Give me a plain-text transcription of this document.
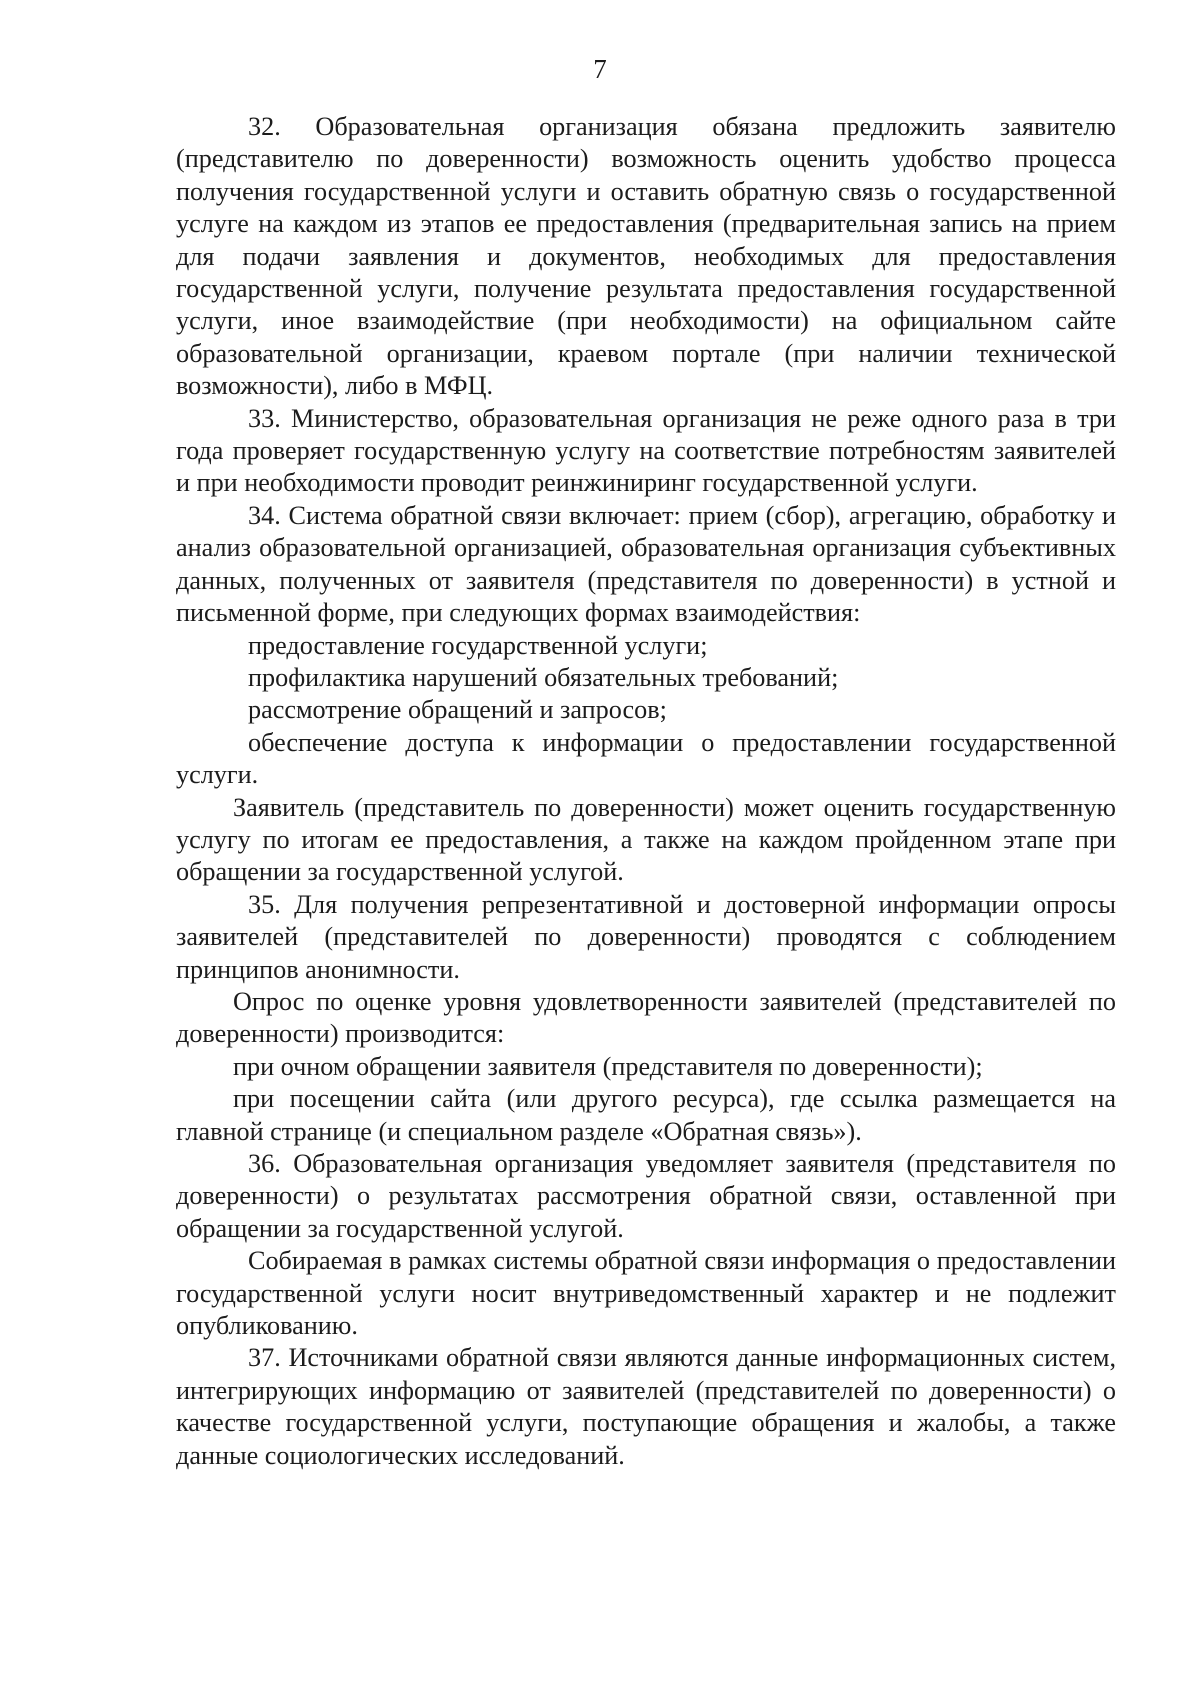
7

32. Образовательная организация обязана предложить заявителю (представителю по доверенности) возможность оценить удобство процесса получения государственной услуги и оставить обратную связь о государственной услуге на каждом из этапов ее предоставления (предварительная запись на прием для подачи заявления и документов, необходимых для предоставления государственной услуги, получение результата предоставления государственной услуги, иное взаимодействие (при необходимости) на официальном сайте образовательной организации, краевом портале (при наличии технической возможности), либо в МФЦ.

33. Министерство, образовательная организация не реже одного раза в три года проверяет государственную услугу на соответствие потребностям заявителей и при необходимости проводит реинжиниринг государственной услуги.

34. Система обратной связи включает: прием (сбор), агрегацию, обработку и анализ образовательной организацией, образовательная организация субъективных данных, полученных от заявителя (представителя по доверенности) в устной и письменной форме, при следующих формах взаимодействия:

предоставление государственной услуги;

профилактика нарушений обязательных требований;

рассмотрение обращений и запросов;

обеспечение доступа к информации о предоставлении государственной услуги.

Заявитель (представитель по доверенности) может оценить государственную услугу по итогам ее предоставления, а также на каждом пройденном этапе при обращении за государственной услугой.

35. Для получения репрезентативной и достоверной информации опросы заявителей (представителей по доверенности) проводятся с соблюдением принципов анонимности.

Опрос по оценке уровня удовлетворенности заявителей (представителей по доверенности) производится:

при очном обращении заявителя (представителя по доверенности);

при посещении сайта (или другого ресурса), где ссылка размещается на главной странице (и специальном разделе «Обратная связь»).

36. Образовательная организация уведомляет заявителя (представителя по доверенности) о результатах рассмотрения обратной связи, оставленной при обращении за государственной услугой.

Собираемая в рамках системы обратной связи информация о предоставлении государственной услуги носит внутриведомственный характер и не подлежит опубликованию.

37. Источниками обратной связи являются данные информационных систем, интегрирующих информацию от заявителей (представителей по доверенности) о качестве государственной услуги, поступающие обращения и жалобы, а также данные социологических исследований.
